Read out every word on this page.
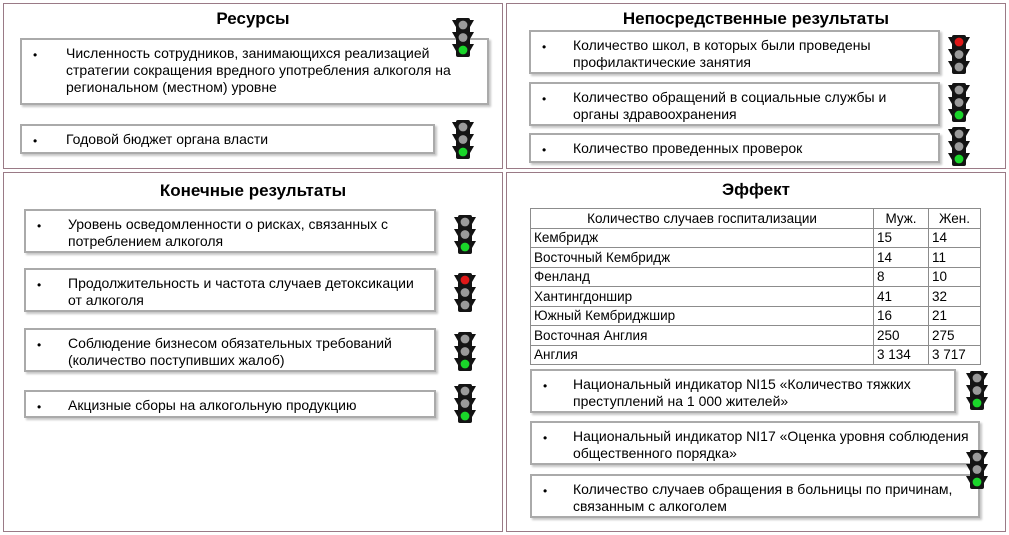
Ресурсы	Непосредственные результаты
Конечные результаты	Эффект
• Численность сотрудников, занимающихся реализацией стратегии сокращения вредного употребления алкоголя на региональном (местном) уровне
• Годовой бюджет органа власти
• Количество школ, в которых были проведены профилактические занятия
• Количество обращений в социальные службы и органы здравоохранения
• Количество проведенных проверок
• Уровень осведомленности о рисках, связанных с потреблением алкоголя
• Продолжительность и частота случаев детоксикации от алкоголя
• Соблюдение бизнесом обязательных требований (количество поступивших жалоб)
• Акцизные сборы на алкогольную продукцию
Количество случаев госпитализации	Муж.	Жен.
Кембридж	15	14
Восточный Кембридж	14	11
Фенланд	8	10
Хантингдоншир	41	32
Южный Кембриджшир	16	21
Восточная Англия	250	275
Англия	3 134	3 717
• Национальный индикатор NI15 «Количество тяжких преступлений на 1 000 жителей»
• Национальный индикатор NI17 «Оценка уровня соблюдения общественного порядка»
• Количество случаев обращения в больницы по причинам, связанным с алкоголем
